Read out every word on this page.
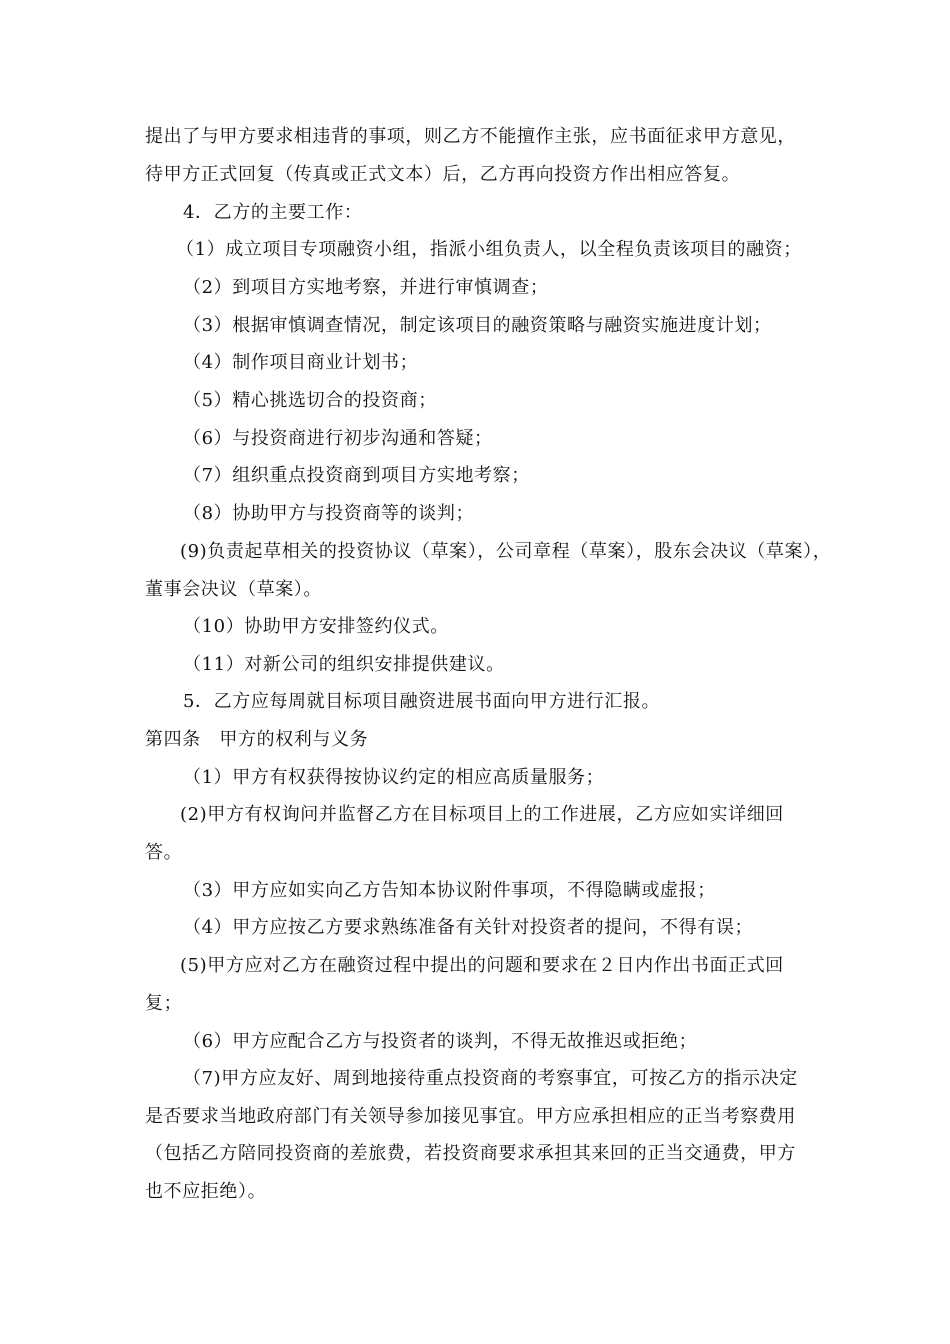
提出了与甲方要求相违背的事项，则乙方不能擅作主张，应书面征求甲方意见，
待甲方正式回复（传真或正式文本）后，乙方再向投资方作出相应答复。
4．乙方的主要工作：
（1）成立项目专项融资小组，指派小组负责人，以全程负责该项目的融资；
（2）到项目方实地考察，并进行审慎调查；
（3）根据审慎调查情况，制定该项目的融资策略与融资实施进度计划；
（4）制作项目商业计划书；
（5）精心挑选切合的投资商；
（6）与投资商进行初步沟通和答疑；
（7）组织重点投资商到项目方实地考察；
（8）协助甲方与投资商等的谈判；
(9)负责起草相关的投资协议（草案），公司章程（草案），股东会决议（草案），
董事会决议（草案）。
（10）协助甲方安排签约仪式。
（11）对新公司的组织安排提供建议。
5．乙方应每周就目标项目融资进展书面向甲方进行汇报。
第四条　甲方的权利与义务
（1）甲方有权获得按协议约定的相应高质量服务；
(2)甲方有权询问并监督乙方在目标项目上的工作进展，乙方应如实详细回
答。
（3）甲方应如实向乙方告知本协议附件事项，不得隐瞒或虚报；
（4）甲方应按乙方要求熟练准备有关针对投资者的提问，不得有误；
(5)甲方应对乙方在融资过程中提出的问题和要求在２日内作出书面正式回
复；
（6）甲方应配合乙方与投资者的谈判，不得无故推迟或拒绝；
（7)甲方应友好、周到地接待重点投资商的考察事宜，可按乙方的指示决定
是否要求当地政府部门有关领导参加接见事宜。甲方应承担相应的正当考察费用
（包括乙方陪同投资商的差旅费，若投资商要求承担其来回的正当交通费，甲方
也不应拒绝）。
